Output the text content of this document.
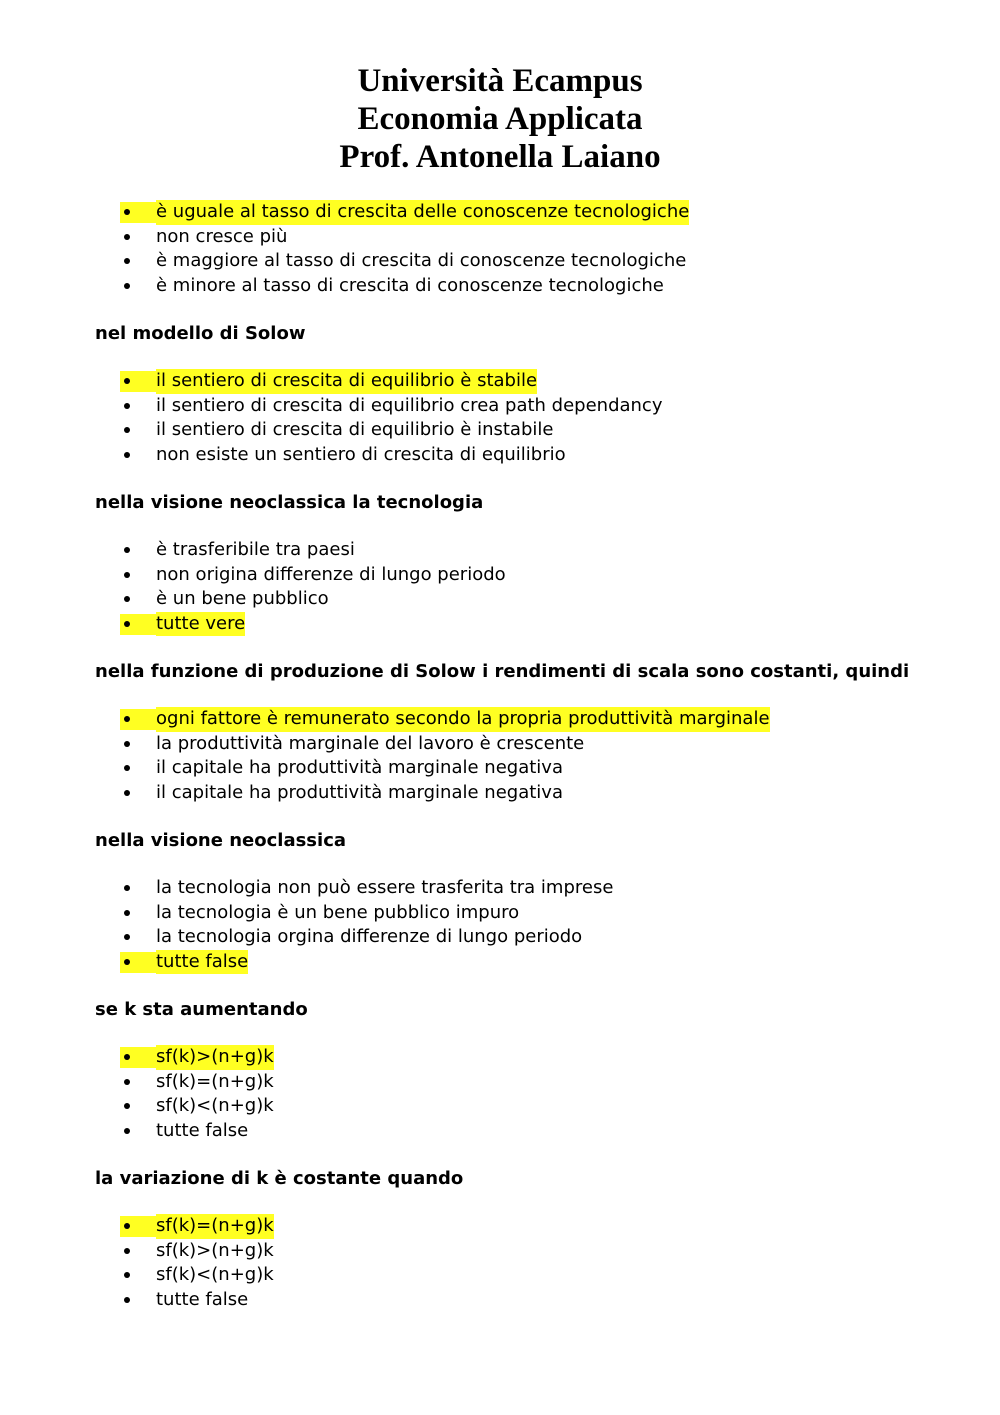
Università Ecampus
Economia Applicata
Prof. Antonella Laiano
è uguale al tasso di crescita delle conoscenze tecnologiche
non cresce più
è maggiore al tasso di crescita di conoscenze tecnologiche
è minore al tasso di crescita di conoscenze tecnologiche
nel modello di Solow
il sentiero di crescita di equilibrio è stabile
il sentiero di crescita di equilibrio crea path dependancy
il sentiero di crescita di equilibrio è instabile
non esiste un sentiero di crescita di equilibrio
nella visione neoclassica la tecnologia
è trasferibile tra paesi
non origina differenze di lungo periodo
è un bene pubblico
tutte vere
nella funzione di produzione di Solow i rendimenti di scala sono costanti, quindi
ogni fattore è remunerato secondo la propria produttività marginale
la produttività marginale del lavoro è crescente
il capitale ha produttività marginale negativa
il capitale ha produttività marginale negativa
nella visione neoclassica
la tecnologia non può essere trasferita tra imprese
la tecnologia è un bene pubblico impuro
la tecnologia orgina differenze di lungo periodo
tutte false
se k sta aumentando
sf(k)>(n+g)k
sf(k)=(n+g)k
sf(k)<(n+g)k
tutte false
la variazione di k è costante quando
sf(k)=(n+g)k
sf(k)>(n+g)k
sf(k)<(n+g)k
tutte false
